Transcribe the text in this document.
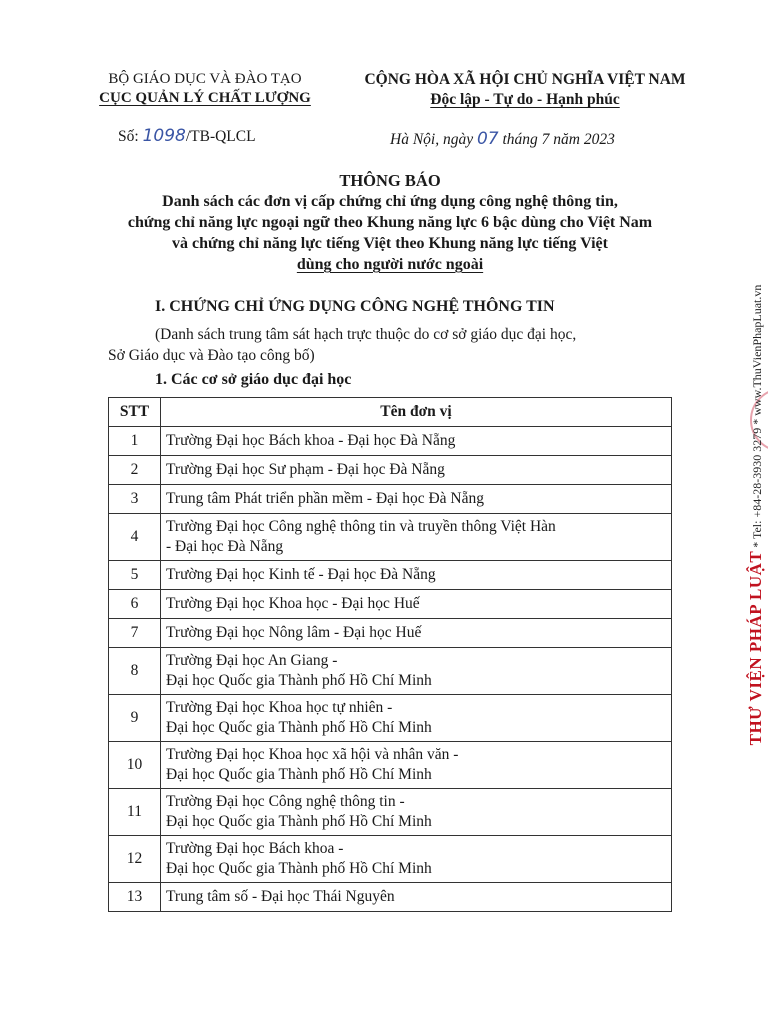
BỘ GIÁO DỤC VÀ ĐÀO TẠO
CỤC QUẢN LÝ CHẤT LƯỢNG
CỘNG HÒA XÃ HỘI CHỦ NGHĨA VIỆT NAM
Độc lập - Tự do - Hạnh phúc
Số: 1098/TB-QLCL	Hà Nội, ngày 07 tháng 7 năm 2023
THÔNG BÁO
Danh sách các đơn vị cấp chứng chỉ ứng dụng công nghệ thông tin,
chứng chỉ năng lực ngoại ngữ theo Khung năng lực 6 bậc dùng cho Việt Nam
và chứng chỉ năng lực tiếng Việt theo Khung năng lực tiếng Việt
dùng cho người nước ngoài
I. CHỨNG CHỈ ỨNG DỤNG CÔNG NGHỆ THÔNG TIN
(Danh sách trung tâm sát hạch trực thuộc do cơ sở giáo dục đại học,
Sở Giáo dục và Đào tạo công bố)
1. Các cơ sở giáo dục đại học
STT	Tên đơn vị
1	Trường Đại học Bách khoa - Đại học Đà Nẵng

2	Trường Đại học Sư phạm - Đại học Đà Nẵng

3	Trung tâm Phát triển phần mềm - Đại học Đà Nẵng

4	Trường Đại học Công nghệ thông tin và truyền thông Việt Hàn
- Đại học Đà Nẵng

5	Trường Đại học Kinh tế - Đại học Đà Nẵng

6	Trường Đại học Khoa học - Đại học Huế

7	Trường Đại học Nông lâm - Đại học Huế

8	Trường Đại học An Giang -
Đại học Quốc gia Thành phố Hồ Chí Minh

9	Trường Đại học Khoa học tự nhiên -
Đại học Quốc gia Thành phố Hồ Chí Minh

10	Trường Đại học Khoa học xã hội và nhân văn -
Đại học Quốc gia Thành phố Hồ Chí Minh

11	Trường Đại học Công nghệ thông tin -
Đại học Quốc gia Thành phố Hồ Chí Minh

12	Trường Đại học Bách khoa -
Đại học Quốc gia Thành phố Hồ Chí Minh

13	Trung tâm số - Đại học Thái Nguyên
THƯ VIỆN PHÁP LUẬT * Tel: +84-28-3930 3279 * www.ThuVienPhapLuat.vn
